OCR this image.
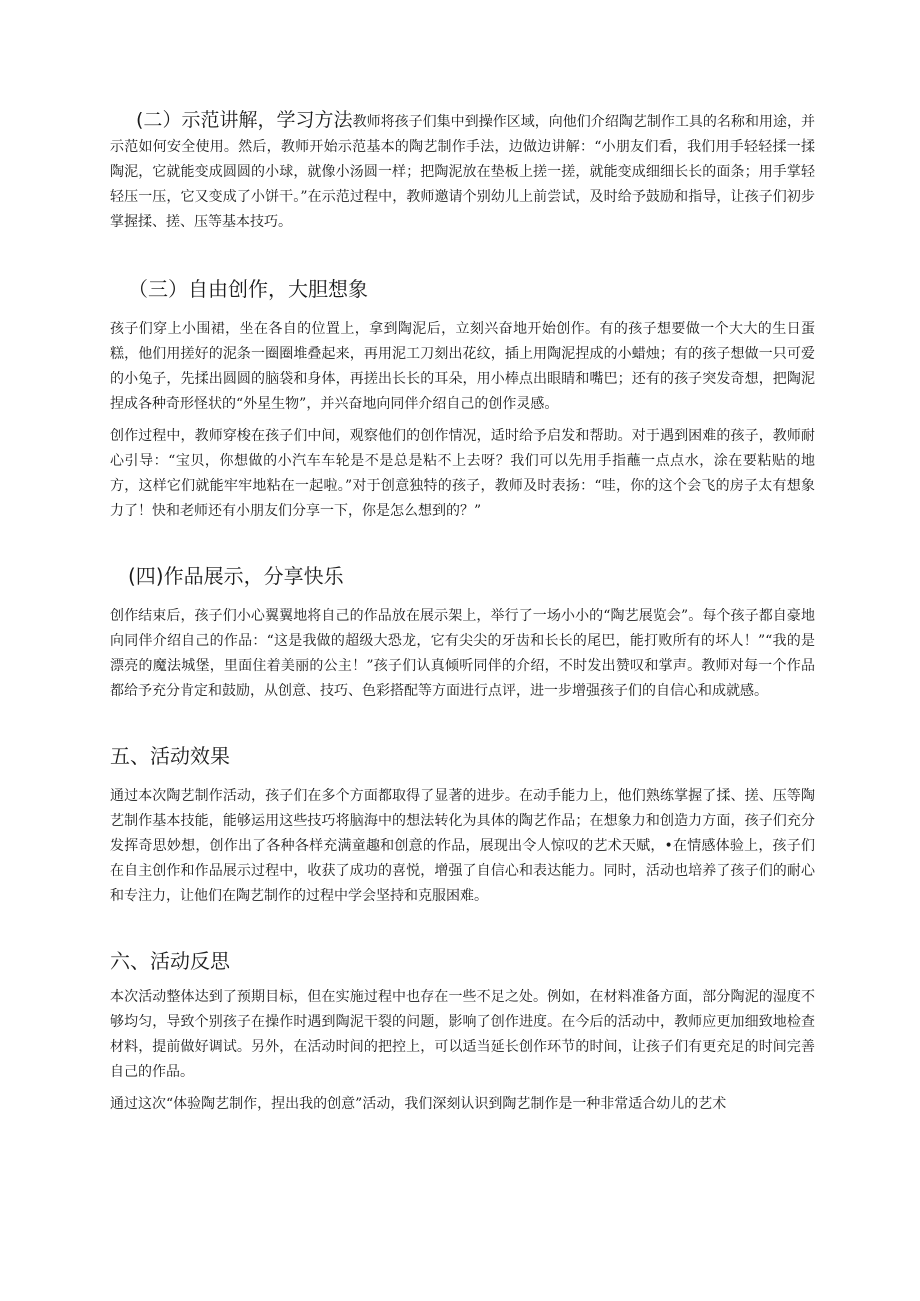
(二）示范讲解，学习方法教师将孩子们集中到操作区域，向他们介绍陶艺制作工具的名称和用途，并示范如何安全使用。然后，教师开始示范基本的陶艺制作手法，边做边讲解：“小朋友们看，我们用手轻轻揉一揉陶泥，它就能变成圆圆的小球，就像小汤圆一样；把陶泥放在垫板上搓一搓，就能变成细细长长的面条；用手掌轻轻压一压，它又变成了小饼干。”在示范过程中，教师邀请个别幼儿上前尝试，及时给予鼓励和指导，让孩子们初步掌握揉、搓、压等基本技巧。

（三）自由创作，大胆想象

孩子们穿上小围裙，坐在各自的位置上，拿到陶泥后，立刻兴奋地开始创作。有的孩子想要做一个大大的生日蛋糕，他们用搓好的泥条一圈圈堆叠起来，再用泥工刀刻出花纹，插上用陶泥捏成的小蜡烛；有的孩子想做一只可爱的小兔子，先揉出圆圆的脑袋和身体，再搓出长长的耳朵，用小棒点出眼睛和嘴巴；还有的孩子突发奇想，把陶泥捏成各种奇形怪状的“外星生物”，并兴奋地向同伴介绍自己的创作灵感。

创作过程中，教师穿梭在孩子们中间，观察他们的创作情况，适时给予启发和帮助。对于遇到困难的孩子，教师耐心引导：“宝贝，你想做的小汽车车轮是不是总是粘不上去呀？我们可以先用手指蘸一点点水，涂在要粘贴的地方，这样它们就能牢牢地粘在一起啦。”对于创意独特的孩子，教师及时表扬：“哇，你的这个会飞的房子太有想象力了！快和老师还有小朋友们分享一下，你是怎么想到的？”

(四)作品展示，分享快乐

创作结束后，孩子们小心翼翼地将自己的作品放在展示架上，举行了一场小小的“陶艺展览会”。每个孩子都自豪地向同伴介绍自己的作品：“这是我做的超级大恐龙，它有尖尖的牙齿和长长的尾巴，能打败所有的坏人！”“我的是漂亮的魔法城堡，里面住着美丽的公主！”孩子们认真倾听同伴的介绍，不时发出赞叹和掌声。教师对每一个作品都给予充分肯定和鼓励，从创意、技巧、色彩搭配等方面进行点评，进一步增强孩子们的自信心和成就感。

五、活动效果

通过本次陶艺制作活动，孩子们在多个方面都取得了显著的进步。在动手能力上，他们熟练掌握了揉、搓、压等陶艺制作基本技能，能够运用这些技巧将脑海中的想法转化为具体的陶艺作品；在想象力和创造力方面，孩子们充分发挥奇思妙想，创作出了各种各样充满童趣和创意的作品，展现出令人惊叹的艺术天赋，•在情感体验上，孩子们在自主创作和作品展示过程中，收获了成功的喜悦，增强了自信心和表达能力。同时，活动也培养了孩子们的耐心和专注力，让他们在陶艺制作的过程中学会坚持和克服困难。

六、活动反思

本次活动整体达到了预期目标，但在实施过程中也存在一些不足之处。例如，在材料准备方面，部分陶泥的湿度不够均匀，导致个别孩子在操作时遇到陶泥干裂的问题，影响了创作进度。在今后的活动中，教师应更加细致地检查材料，提前做好调试。另外，在活动时间的把控上，可以适当延长创作环节的时间，让孩子们有更充足的时间完善自己的作品。

通过这次“体验陶艺制作，捏出我的创意”活动，我们深刻认识到陶艺制作是一种非常适合幼儿的艺术
